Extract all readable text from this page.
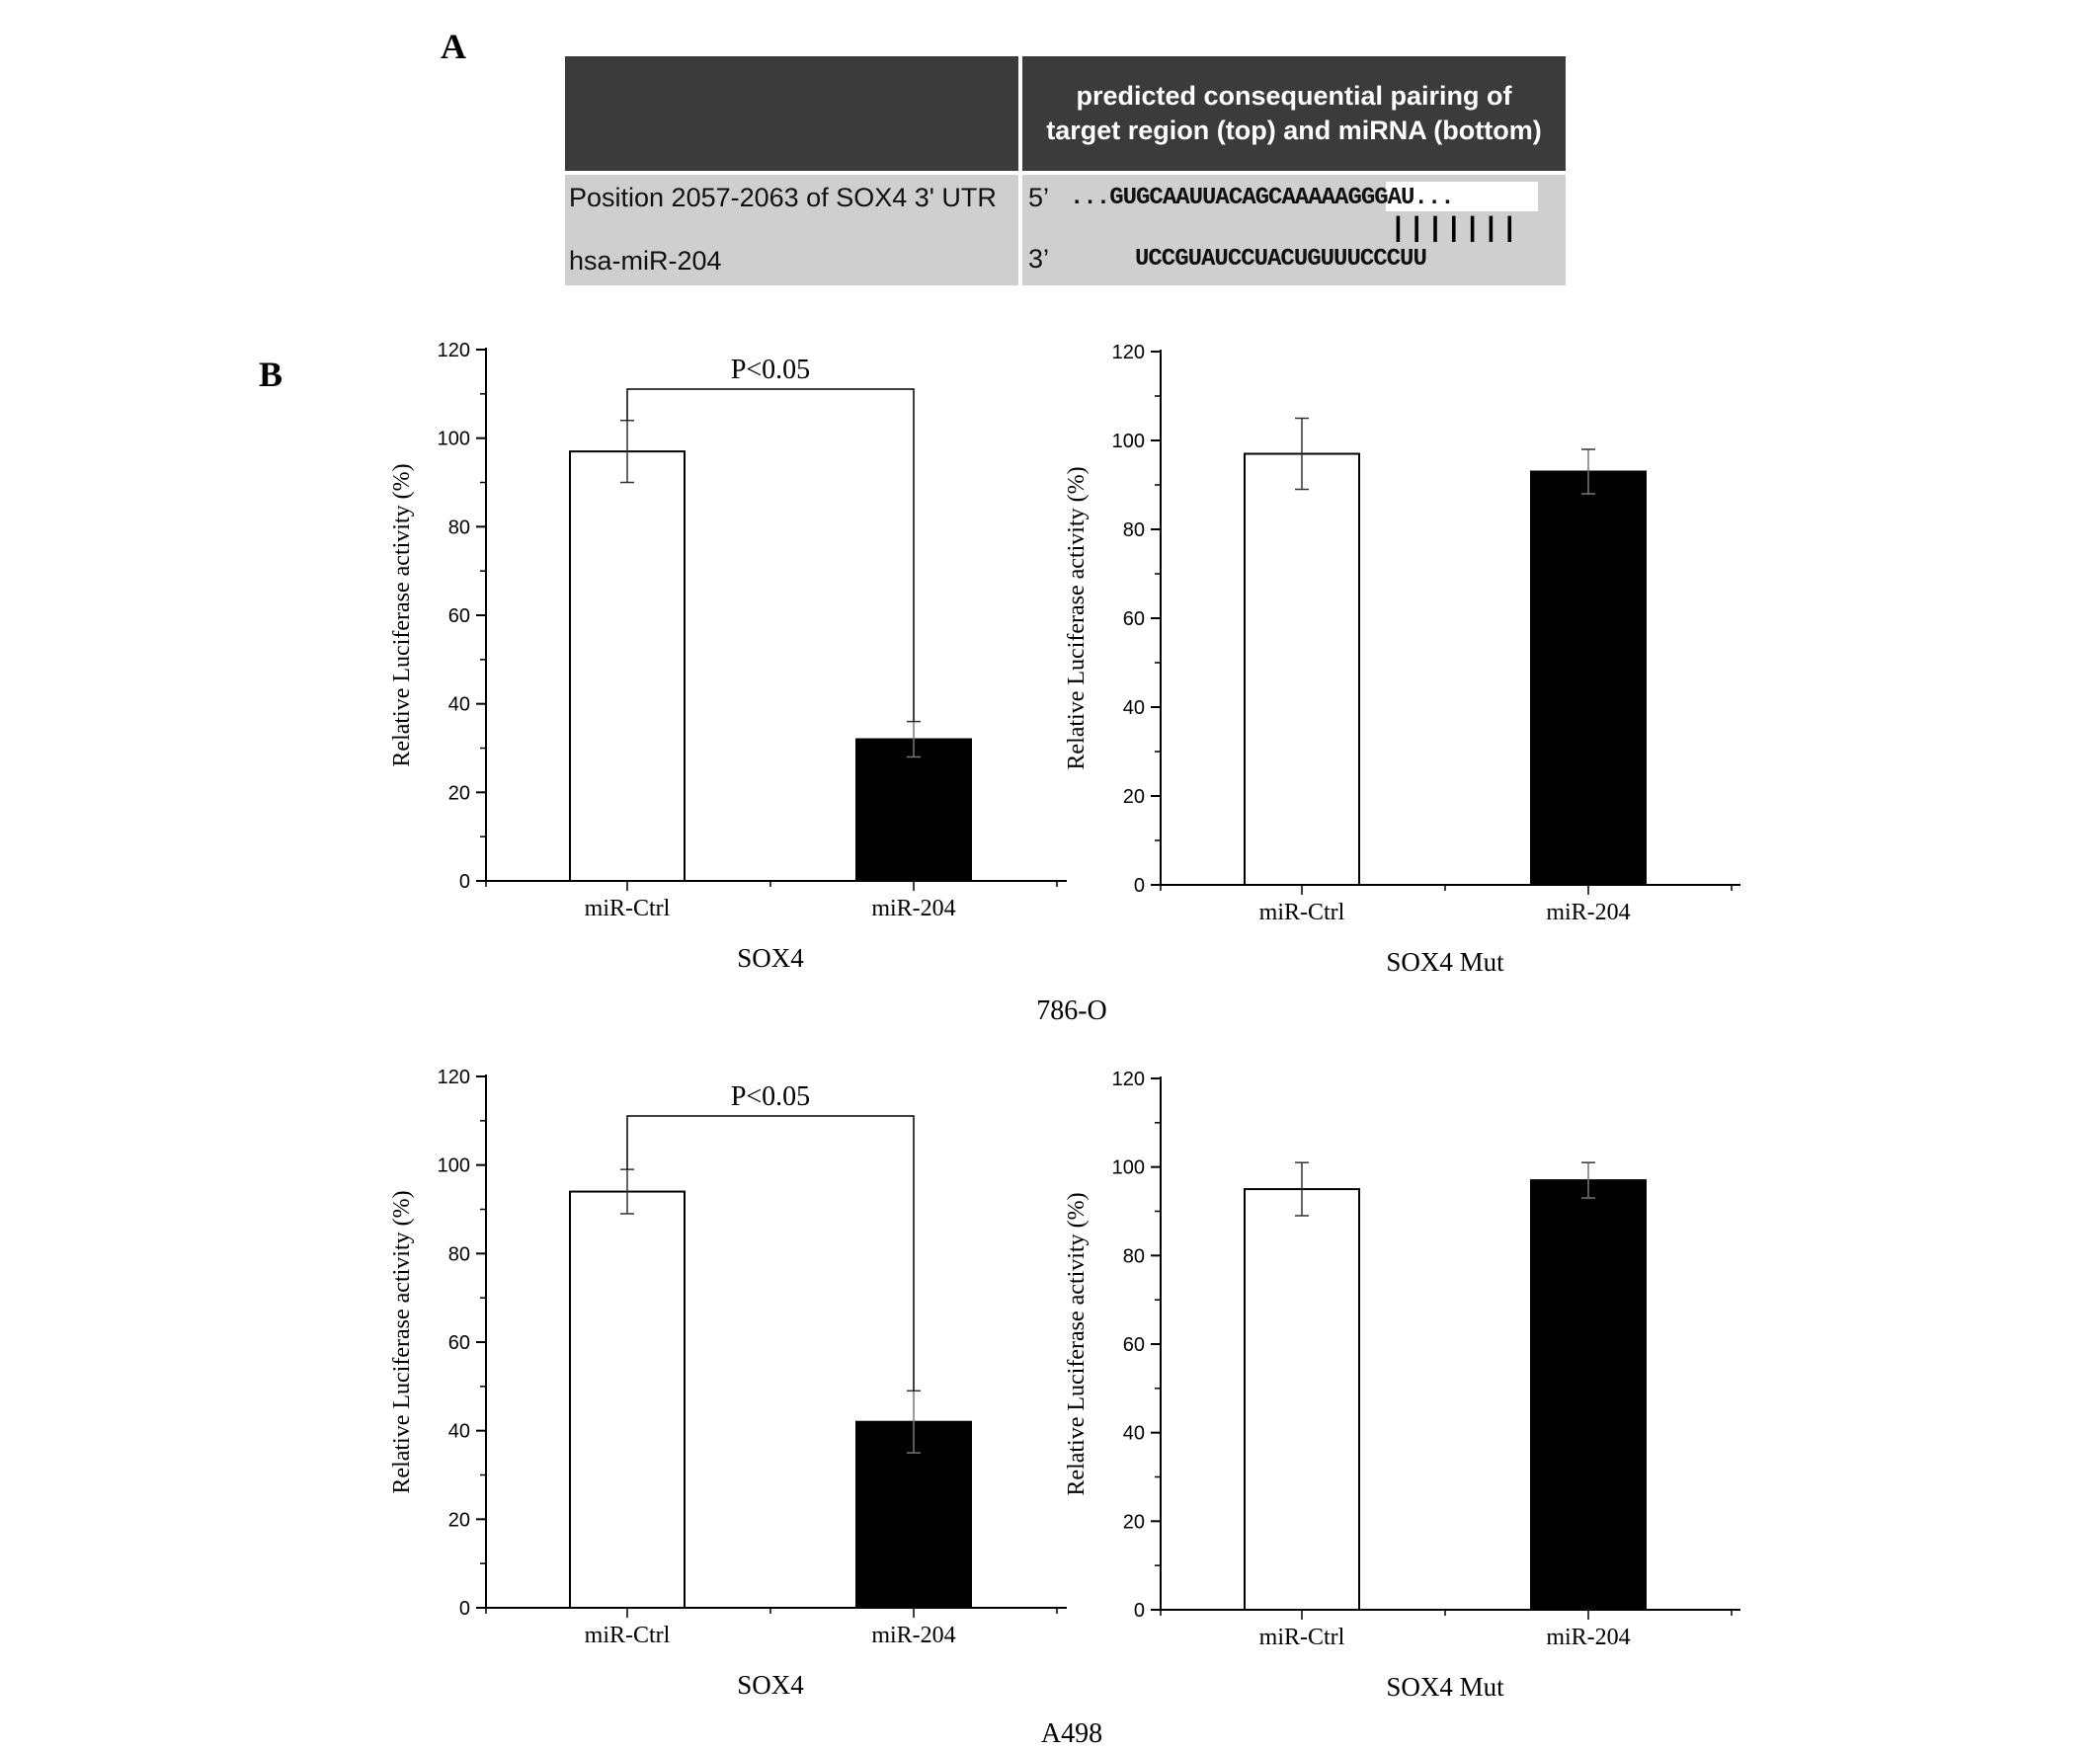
A
B
predicted consequential pairing of
target region (top) and miRNA (bottom)
Position 2057-2063 of SOX4 3' UTR
hsa-miR-204
5’ ...GUGCAAUUACAGCAAAAAGGGAU...
|||||||
3’	UCCGUAUCCUACUGUUUCCCUU
0
20
40
60
80
100
120
miR-Ctrl	miR-204
P<0.05
Relative Luciferase activity (%)
SOX4
0
20
40
60
80
100
120
miR-Ctrl	miR-204
Relative Luciferase activity (%)
SOX4 Mut
0
20
40
60
80
100
120
miR-Ctrl	miR-204
P<0.05
Relative Luciferase activity (%)
SOX4
0
20
40
60
80
100
120
miR-Ctrl	miR-204
Relative Luciferase activity (%)
SOX4 Mut
786-O
A498
